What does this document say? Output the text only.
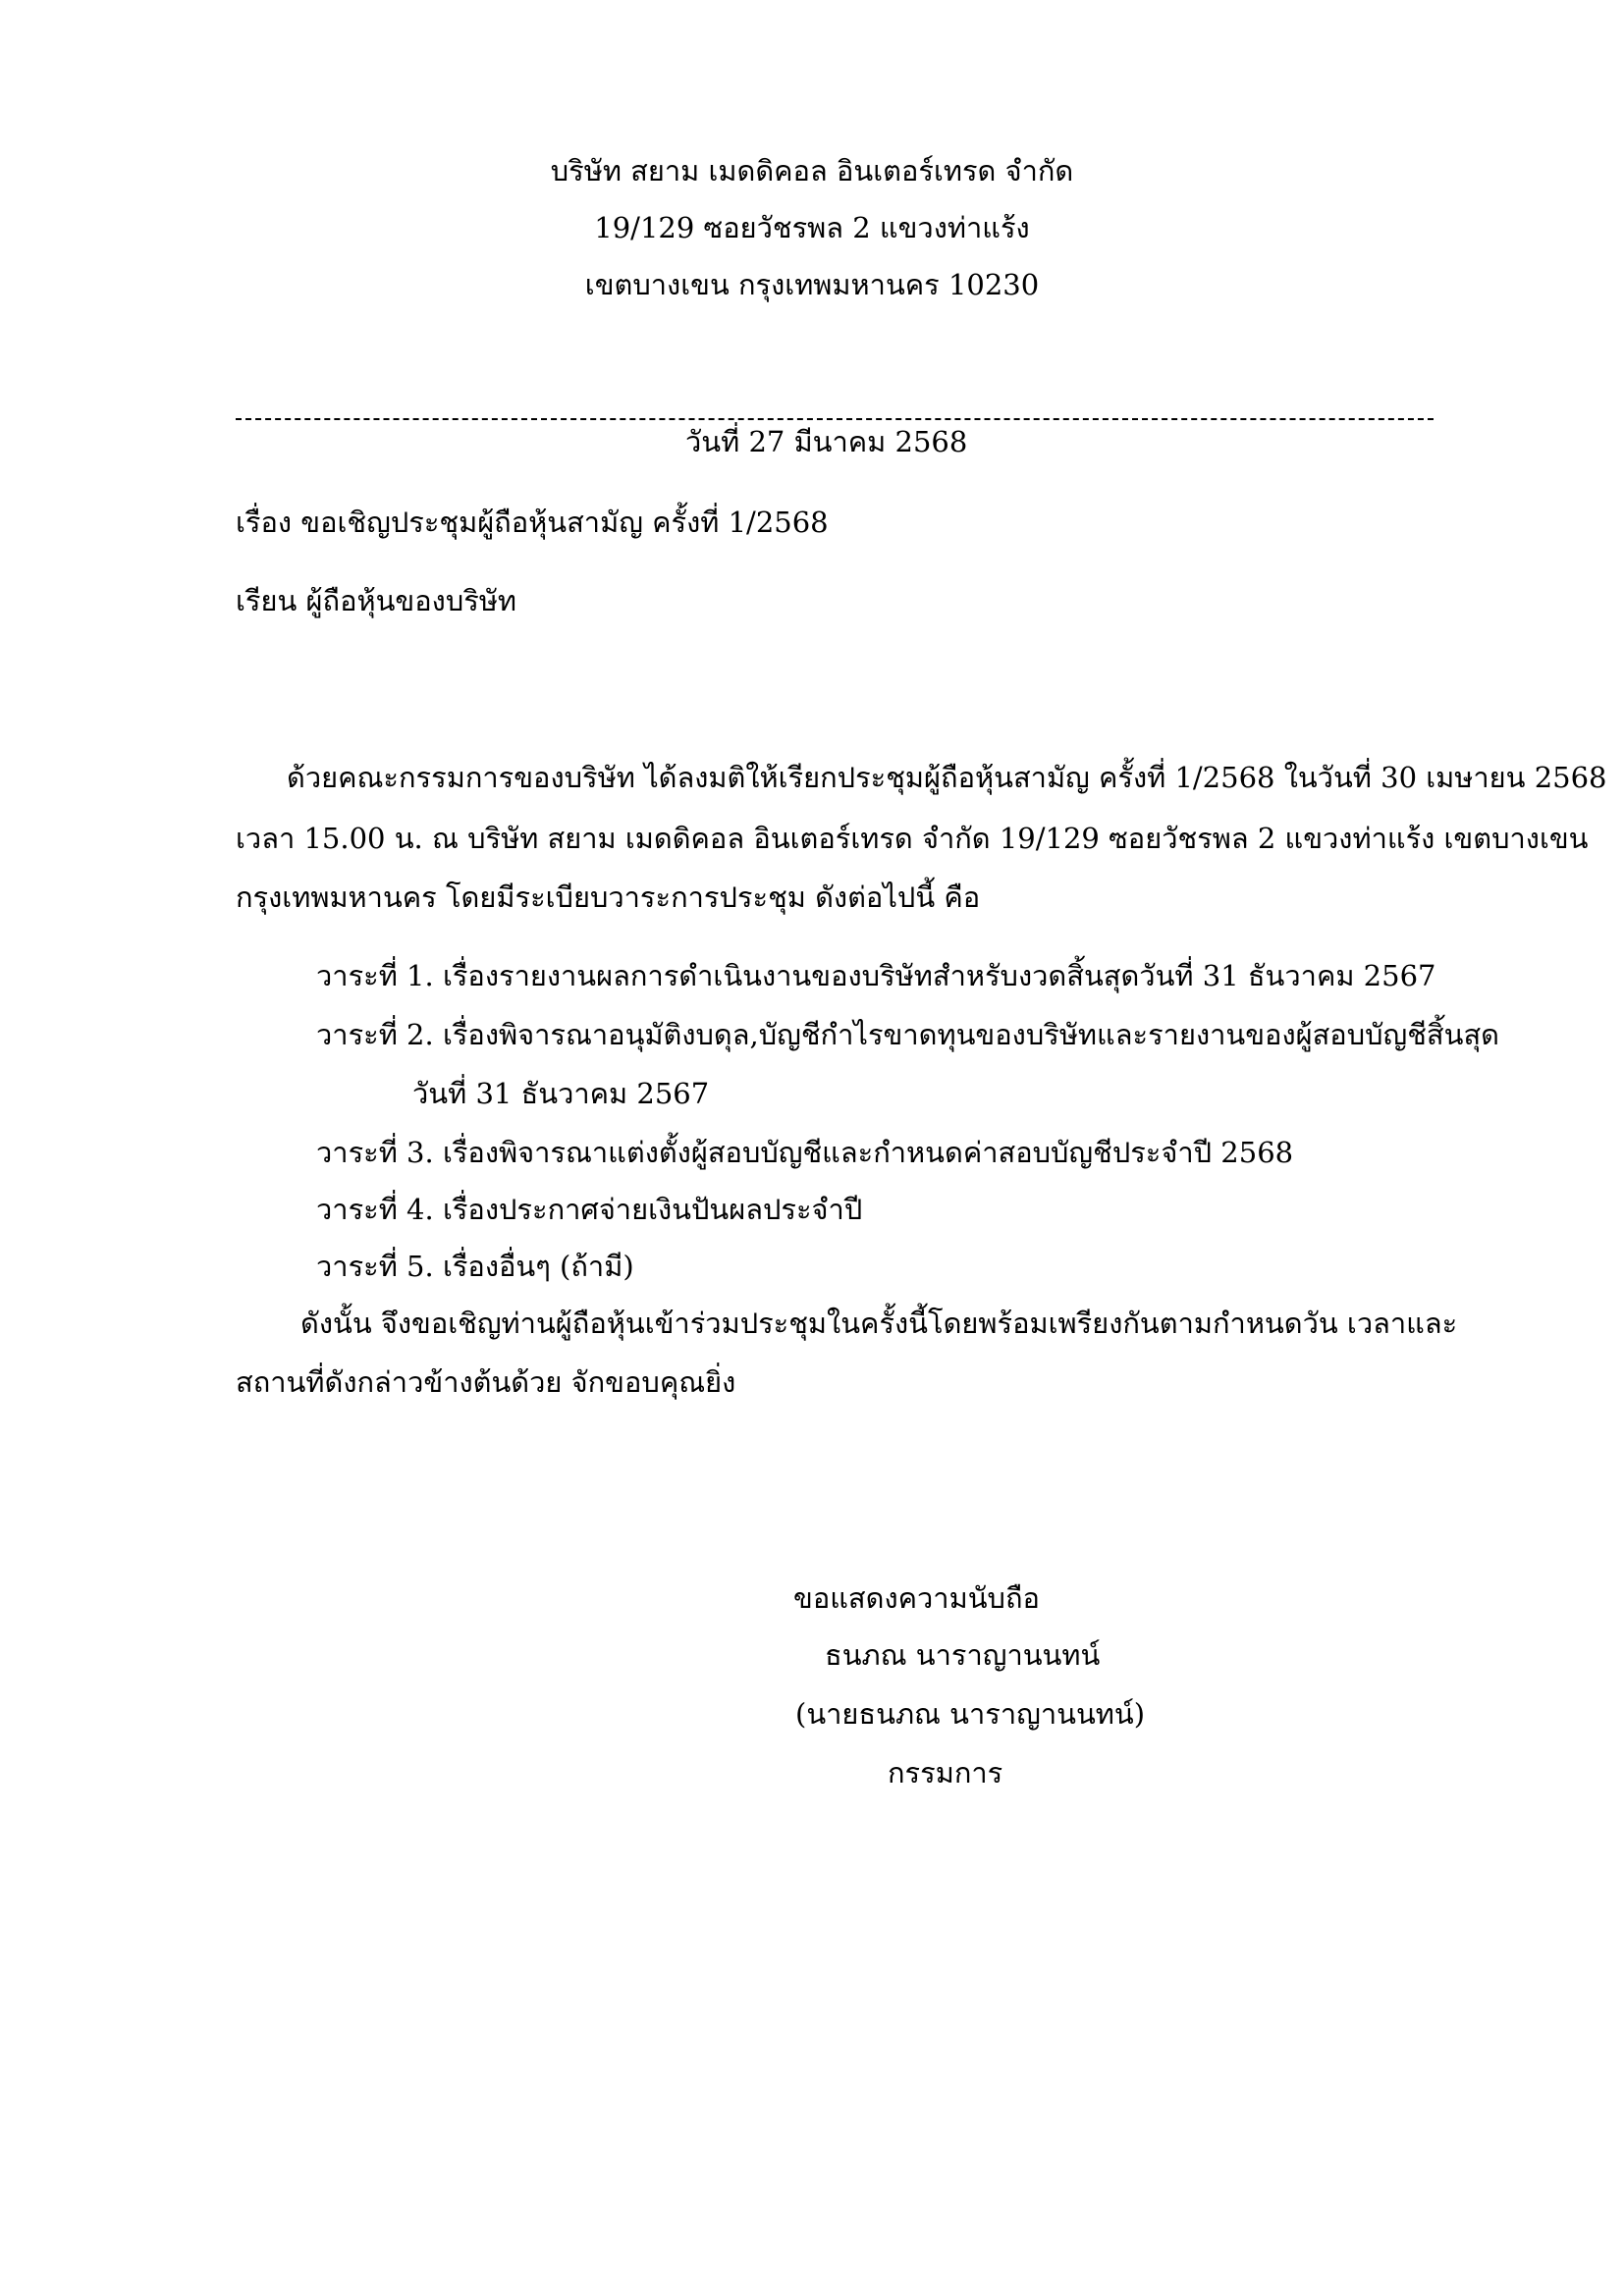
บริษัท สยาม เมดดิคอล อินเตอร์เทรด จำกัด
19/129 ซอยวัชรพล 2 แขวงท่าแร้ง
เขตบางเขน กรุงเทพมหานคร 10230
วันที่ 27 มีนาคม 2568
เรื่อง ขอเชิญประชุมผู้ถือหุ้นสามัญ ครั้งที่ 1/2568
เรียน ผู้ถือหุ้นของบริษัท
ด้วยคณะกรรมการของบริษัท ได้ลงมติให้เรียกประชุมผู้ถือหุ้นสามัญ ครั้งที่ 1/2568 ในวันที่ 30 เมษายน 2568
เวลา 15.00 น. ณ บริษัท สยาม เมดดิคอล อินเตอร์เทรด จำกัด 19/129 ซอยวัชรพล 2 แขวงท่าแร้ง เขตบางเขน
กรุงเทพมหานคร โดยมีระเบียบวาระการประชุม ดังต่อไปนี้ คือ
วาระที่ 1. เรื่องรายงานผลการดำเนินงานของบริษัทสำหรับงวดสิ้นสุดวันที่ 31 ธันวาคม 2567
วาระที่ 2. เรื่องพิจารณาอนุมัติงบดุล,บัญชีกำไรขาดทุนของบริษัทและรายงานของผู้สอบบัญชีสิ้นสุด
วันที่ 31 ธันวาคม 2567
วาระที่ 3. เรื่องพิจารณาแต่งตั้งผู้สอบบัญชีและกำหนดค่าสอบบัญชีประจำปี 2568
วาระที่ 4. เรื่องประกาศจ่ายเงินปันผลประจำปี
วาระที่ 5. เรื่องอื่นๆ (ถ้ามี)
ดังนั้น จึงขอเชิญท่านผู้ถือหุ้นเข้าร่วมประชุมในครั้งนี้โดยพร้อมเพรียงกันตามกำหนดวัน เวลาและ
สถานที่ดังกล่าวข้างต้นด้วย จักขอบคุณยิ่ง
ขอแสดงความนับถือ
ธนภณ นาราญานนทน์
(นายธนภณ นาราญานนทน์)
กรรมการ
